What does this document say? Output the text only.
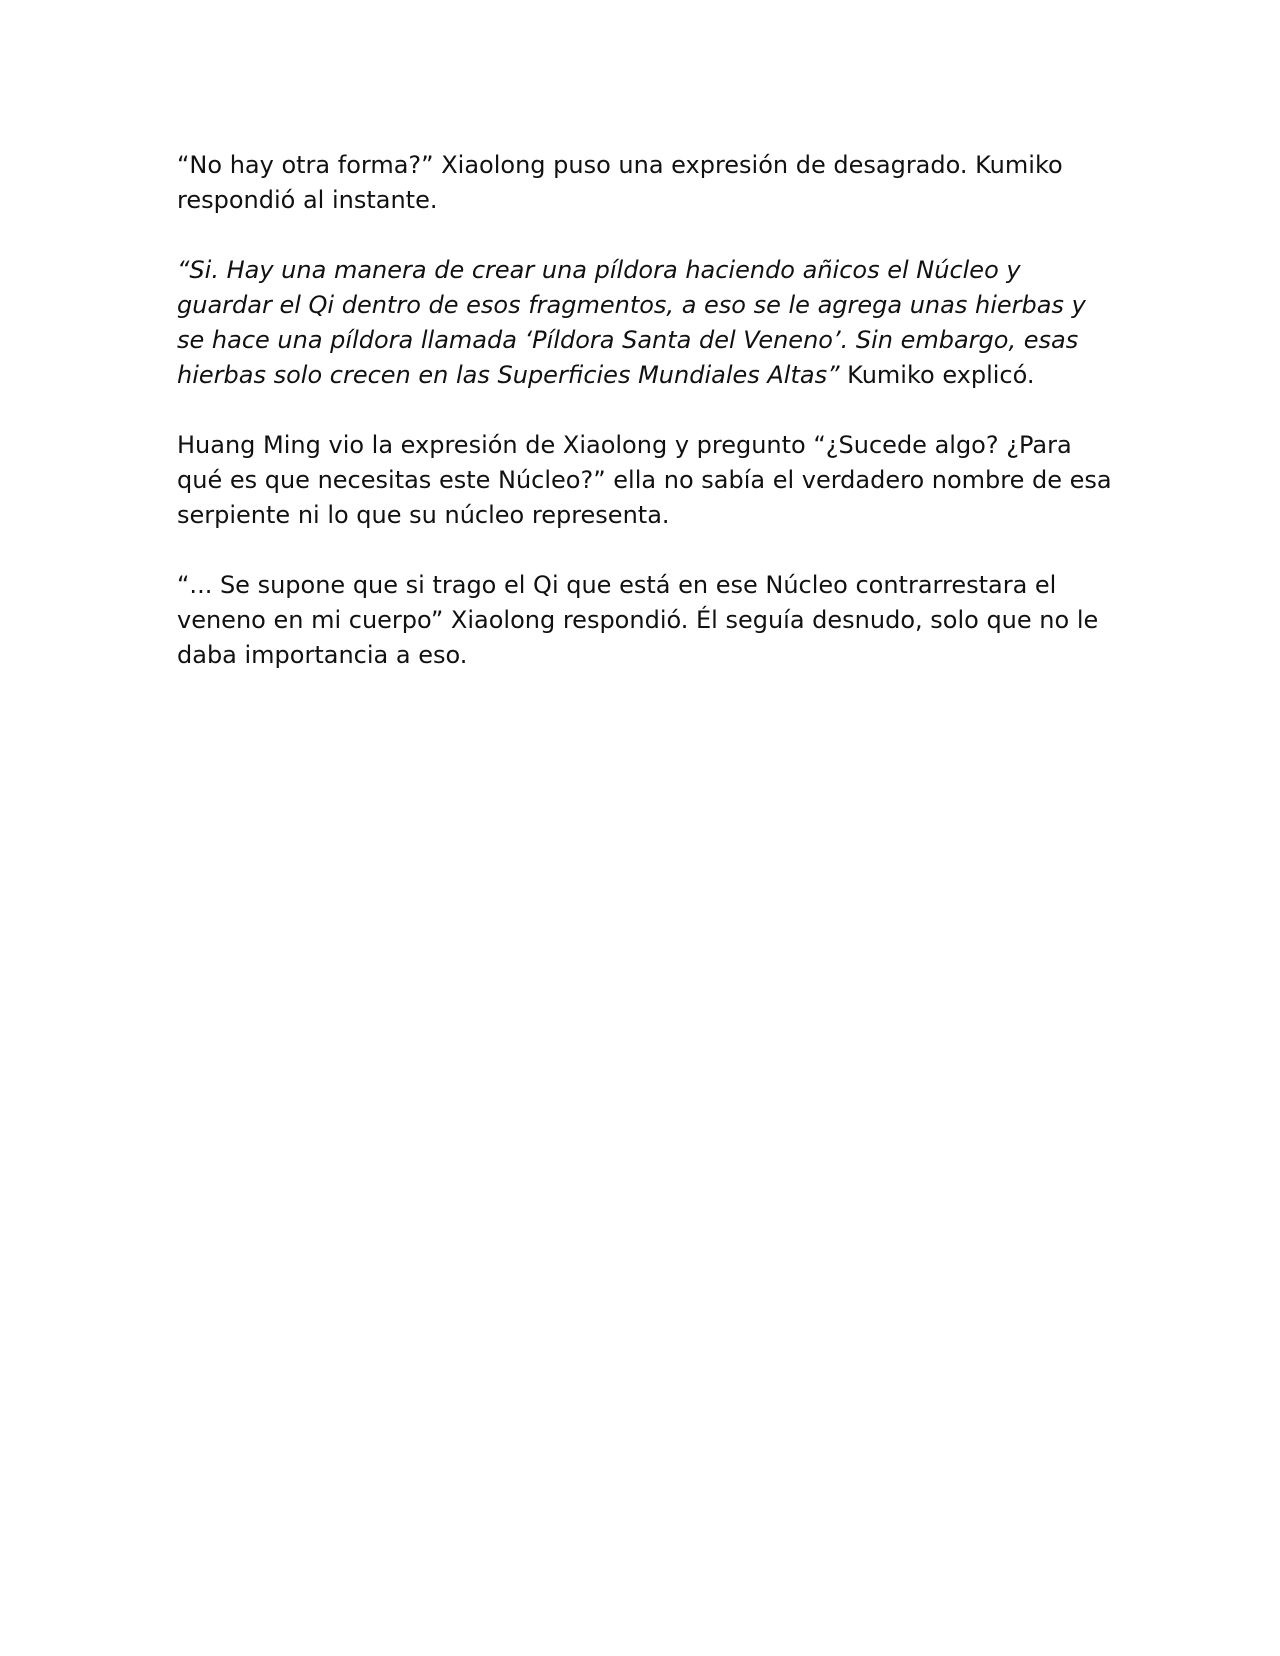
“No hay otra forma?” Xiaolong puso una expresión de desagrado. Kumiko respondió al instante.

“Si. Hay una manera de crear una píldora haciendo añicos el Núcleo y guardar el Qi dentro de esos fragmentos, a eso se le agrega unas hierbas y se hace una píldora llamada ‘Píldora Santa del Veneno’. Sin embargo, esas hierbas solo crecen en las Superficies Mundiales Altas” Kumiko explicó.

Huang Ming vio la expresión de Xiaolong y pregunto “¿Sucede algo? ¿Para qué es que necesitas este Núcleo?” ella no sabía el verdadero nombre de esa serpiente ni lo que su núcleo representa.

“... Se supone que si trago el Qi que está en ese Núcleo contrarrestara el veneno en mi cuerpo” Xiaolong respondió. Él seguía desnudo, solo que no le daba importancia a eso.
